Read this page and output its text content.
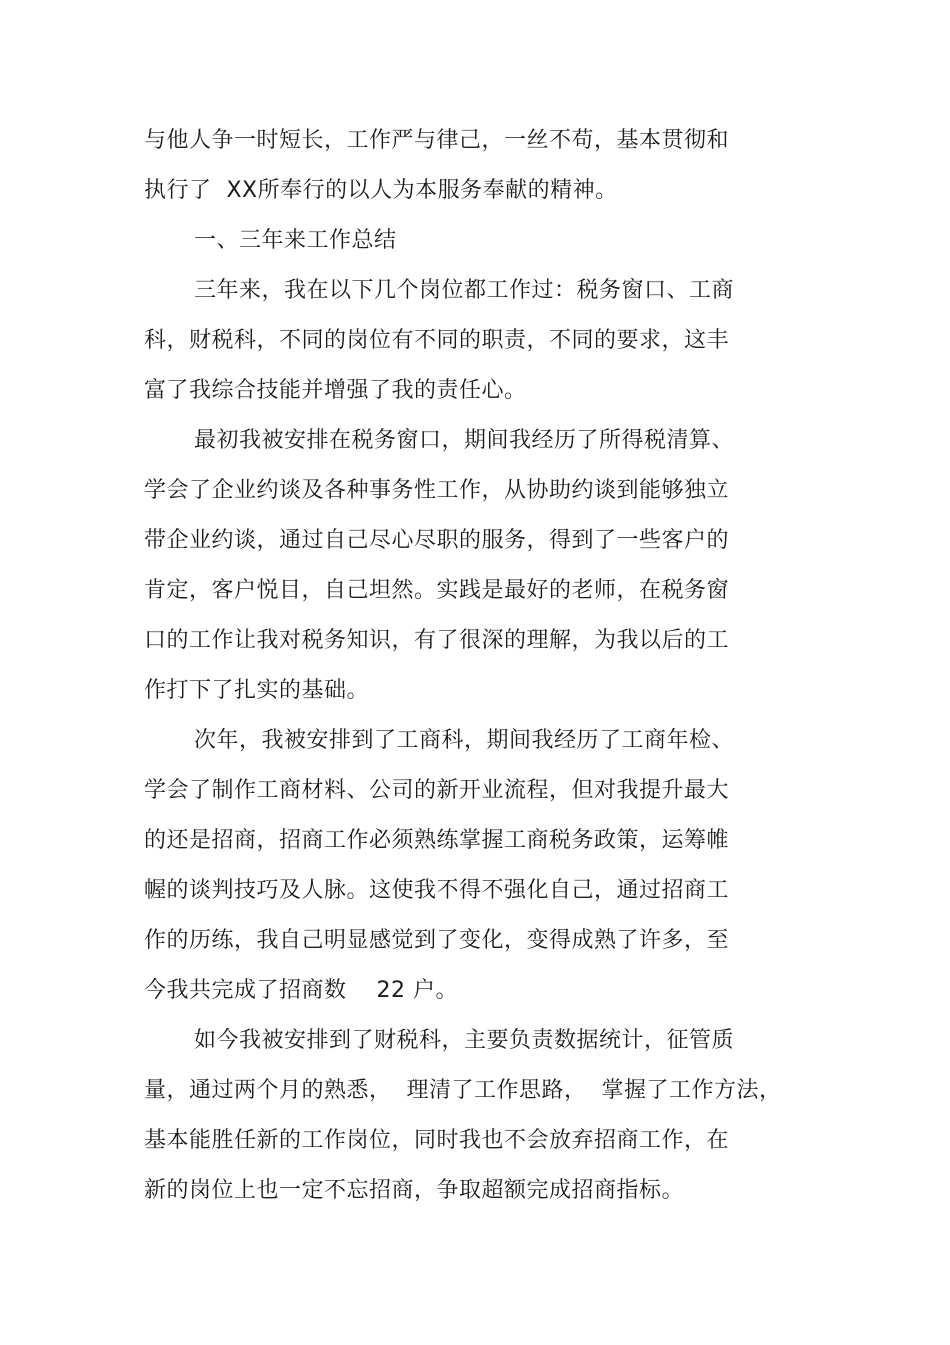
与他人争一时短长，工作严与律己，一丝不苟，基本贯彻和
执行了  XX所奉行的以人为本服务奉献的精神。
一、三年来工作总结
三年来，我在以下几个岗位都工作过：税务窗口、工商
科，财税科，不同的岗位有不同的职责，不同的要求，这丰
富了我综合技能并增强了我的责任心。
最初我被安排在税务窗口，期间我经历了所得税清算、
学会了企业约谈及各种事务性工作，从协助约谈到能够独立
带企业约谈，通过自己尽心尽职的服务，得到了一些客户的
肯定，客户悦目，自己坦然。实践是最好的老师，在税务窗
口的工作让我对税务知识，有了很深的理解，为我以后的工
作打下了扎实的基础。
次年，我被安排到了工商科，期间我经历了工商年检、
学会了制作工商材料、公司的新开业流程，但对我提升最大
的还是招商，招商工作必须熟练掌握工商税务政策，运筹帷
幄的谈判技巧及人脉。这使我不得不强化自己，通过招商工
作的历练，我自己明显感觉到了变化，变得成熟了许多，至
今我共完成了招商数    22 户。
如今我被安排到了财税科，主要负责数据统计，征管质
量，通过两个月的熟悉，  理清了工作思路，  掌握了工作方法，
基本能胜任新的工作岗位，同时我也不会放弃招商工作，在
新的岗位上也一定不忘招商，争取超额完成招商指标。
